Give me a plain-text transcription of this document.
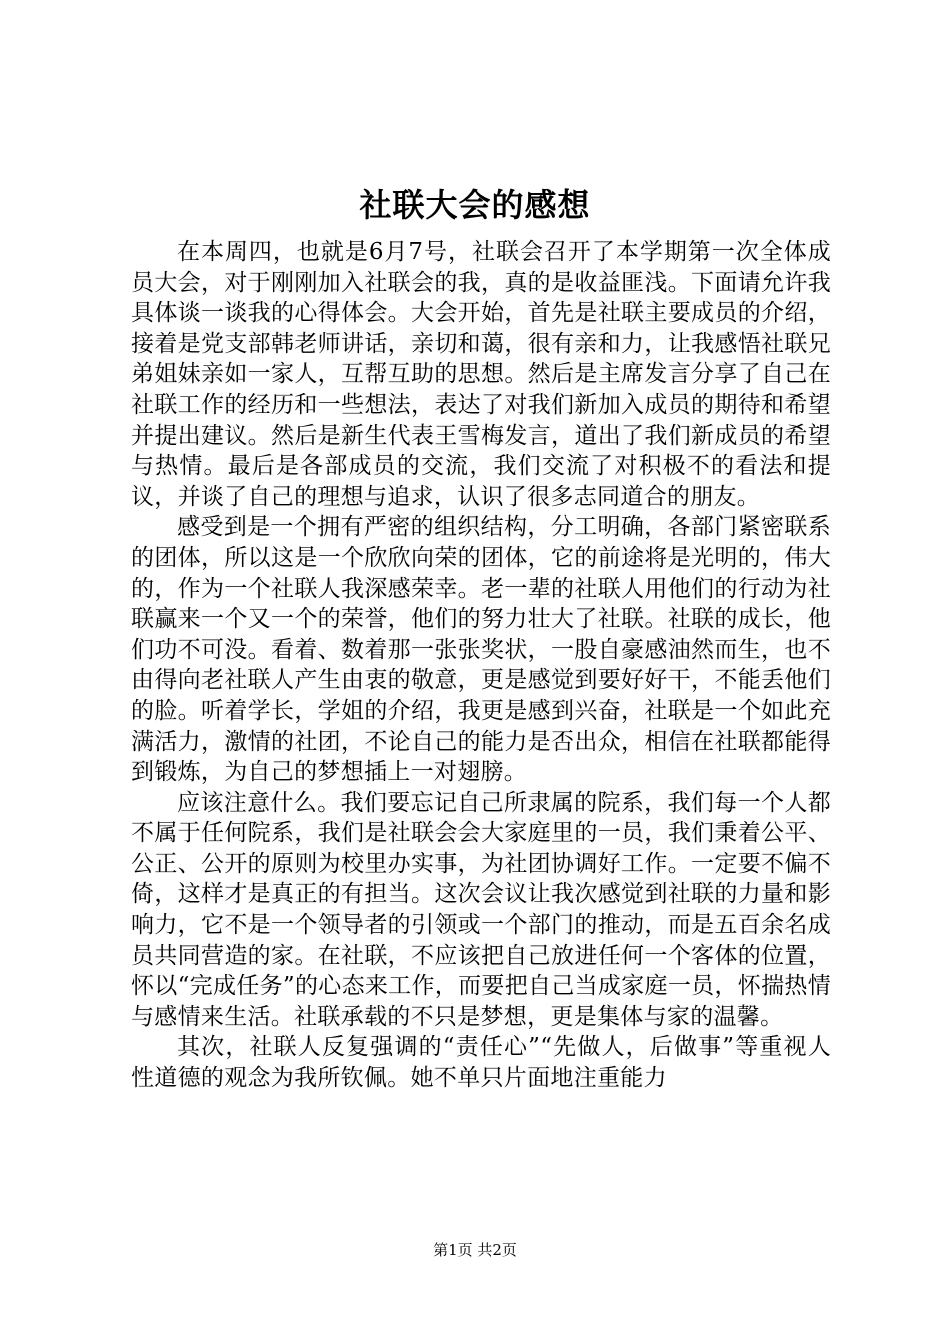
社联大会的感想

在本周四，也就是6月7号，社联会召开了本学期第一次全体成员大会，对于刚刚加入社联会的我，真的是收益匪浅。下面请允许我具体谈一谈我的心得体会。大会开始，首先是社联主要成员的介绍，接着是党支部韩老师讲话，亲切和蔼，很有亲和力，让我感悟社联兄弟姐妹亲如一家人，互帮互助的思想。然后是主席发言分享了自己在社联工作的经历和一些想法，表达了对我们新加入成员的期待和希望并提出建议。然后是新生代表王雪梅发言，道出了我们新成员的希望与热情。最后是各部成员的交流，我们交流了对积极不的看法和提议，并谈了自己的理想与追求，认识了很多志同道合的朋友。

感受到是一个拥有严密的组织结构，分工明确，各部门紧密联系的团体，所以这是一个欣欣向荣的团体，它的前途将是光明的，伟大的，作为一个社联人我深感荣幸。老一辈的社联人用他们的行动为社联赢来一个又一个的荣誉，他们的努力壮大了社联。社联的成长，他们功不可没。看着、数着那一张张奖状，一股自豪感油然而生，也不由得向老社联人产生由衷的敬意，更是感觉到要好好干，不能丢他们的脸。听着学长，学姐的介绍，我更是感到兴奋，社联是一个如此充满活力，激情的社团，不论自己的能力是否出众，相信在社联都能得到锻炼，为自己的梦想插上一对翅膀。

应该注意什么。我们要忘记自己所隶属的院系，我们每一个人都不属于任何院系，我们是社联会会大家庭里的一员，我们秉着公平、公正、公开的原则为校里办实事，为社团协调好工作。一定要不偏不倚，这样才是真正的有担当。这次会议让我次感觉到社联的力量和影响力，它不是一个领导者的引领或一个部门的推动，而是五百余名成员共同营造的家。在社联，不应该把自己放进任何一个客体的位置，怀以“完成任务”的心态来工作，而要把自己当成家庭一员，怀揣热情与感情来生活。社联承载的不只是梦想，更是集体与家的温馨。

其次，社联人反复强调的“责任心”“先做人，后做事”等重视人性道德的观念为我所钦佩。她不单只片面地注重能力

第1页 共2页
